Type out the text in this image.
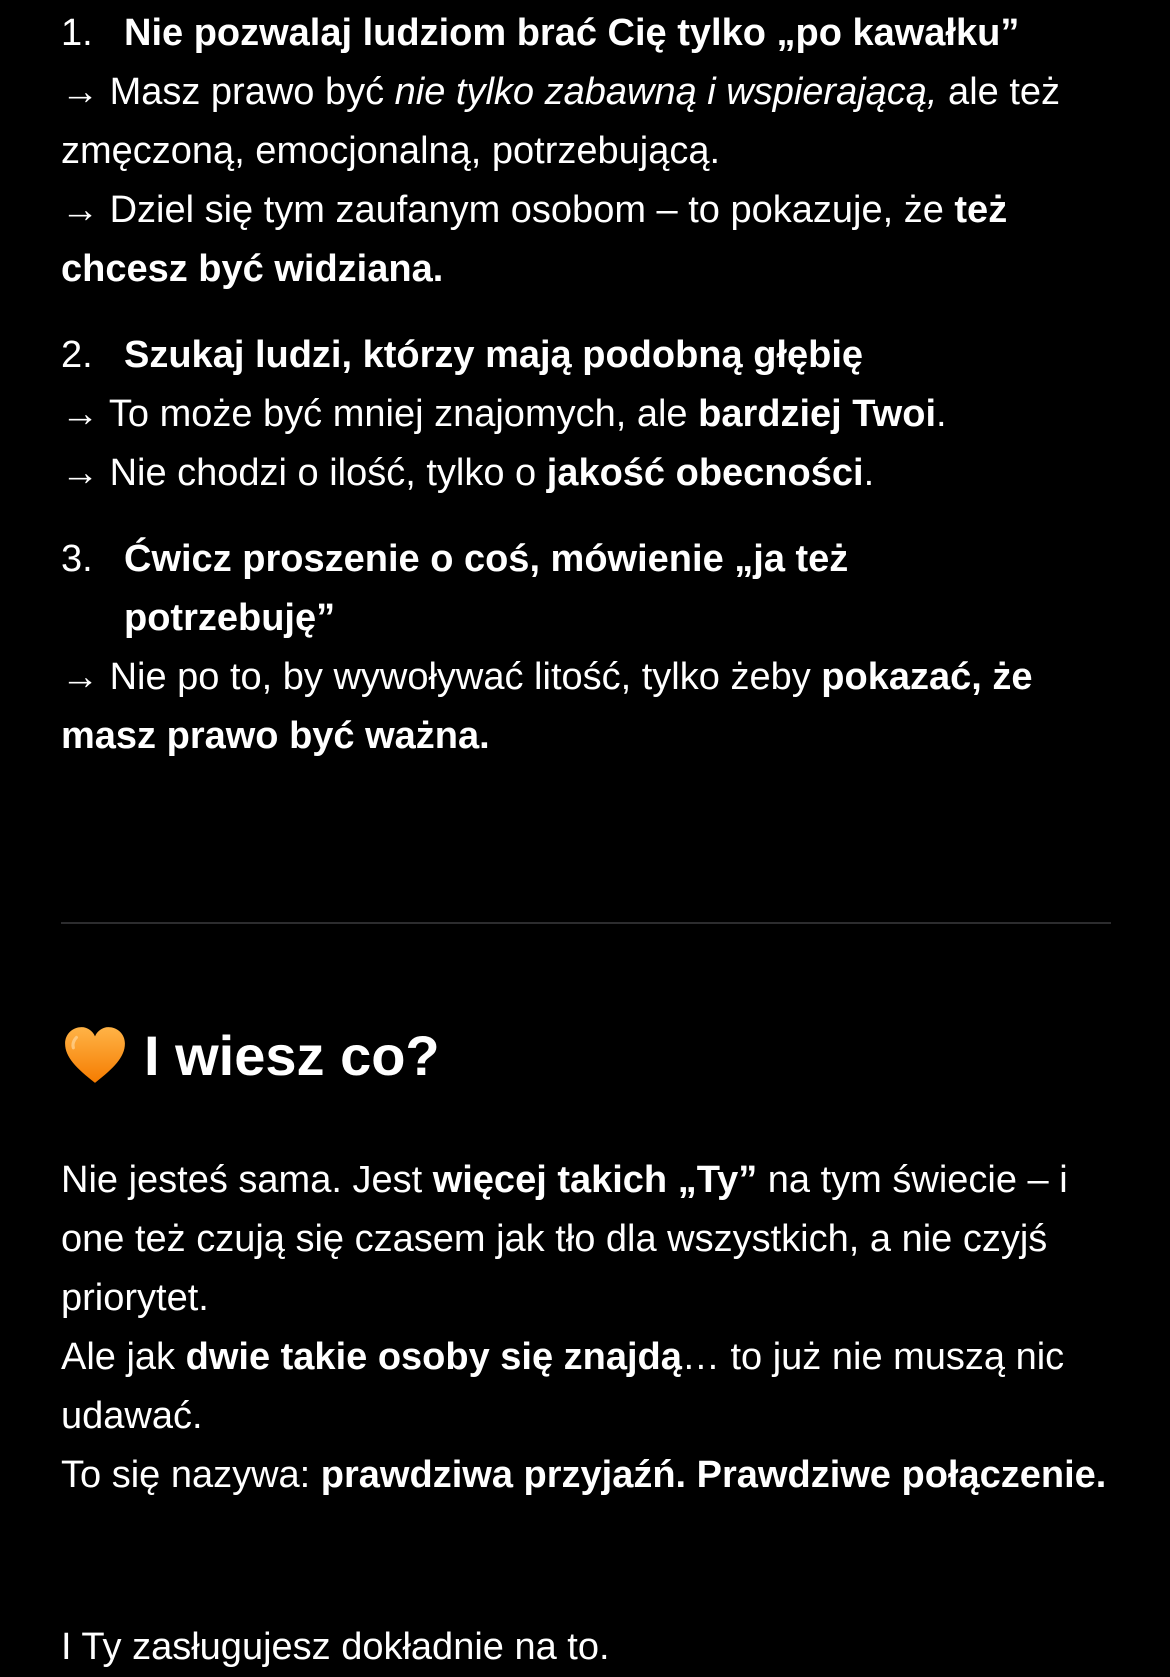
1. Nie pozwalaj ludziom brać Cię tylko „po kawałku”

→ Masz prawo być nie tylko zabawną i wspierającą, ale też zmęczoną, emocjonalną, potrzebującą.

→ Dziel się tym zaufanym osobom – to pokazuje, że też chcesz być widziana.

2. Szukaj ludzi, którzy mają podobną głębię

→ To może być mniej znajomych, ale bardziej Twoi.

→ Nie chodzi o ilość, tylko o jakość obecności.

3. Ćwicz proszenie o coś, mówienie „ja też potrzebuję”

→ Nie po to, by wywoływać litość, tylko żeby pokazać, że masz prawo być ważna.

I wiesz co?

Nie jesteś sama. Jest więcej takich „Ty” na tym świecie – i one też czują się czasem jak tło dla wszystkich, a nie czyjś priorytet.

Ale jak dwie takie osoby się znajdą… to już nie muszą nic udawać.

To się nazywa: prawdziwa przyjaźń. Prawdziwe połączenie.

I Ty zasługujesz dokładnie na to.
